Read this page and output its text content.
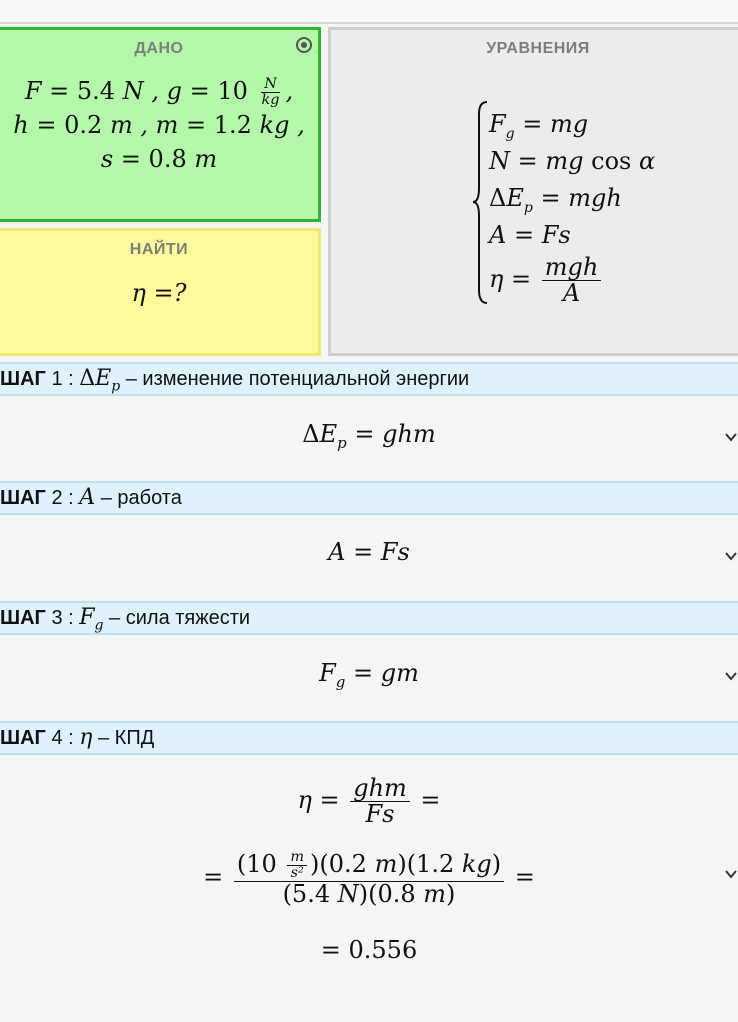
ДАНО
F = 5.4 N , $g = 10 \frac{N}{kg}$ ,
h = 0.2 m , m = 1.2 kg ,
s = 0.8 m
НАЙТИ
η =?
УРАВНЕНИЯ
$F_g$ = mg
N = mg cos α
$\Delta E_p$ = mgh
A = Fs
$\eta = \frac{\text{mgh}}{A}$
ШАГ 1 : $\Delta E_p$ – изменение потенциальной энергии
$\Delta E_p$ = ghm
ШАГ 2 : A – работа
A = Fs
ШАГ 3 : $F_g$ – сила тяжести
$F_g$ = gm
ШАГ 4 : η – КПД
$\eta = \frac{\text{ghm}}{Fs}$ =
= $\frac{(10 \frac{m}{\text{s²}} )(0.2 m)(1.2 kg)}{(5.4 N)(0.8 m)}$ =
= 0.556
